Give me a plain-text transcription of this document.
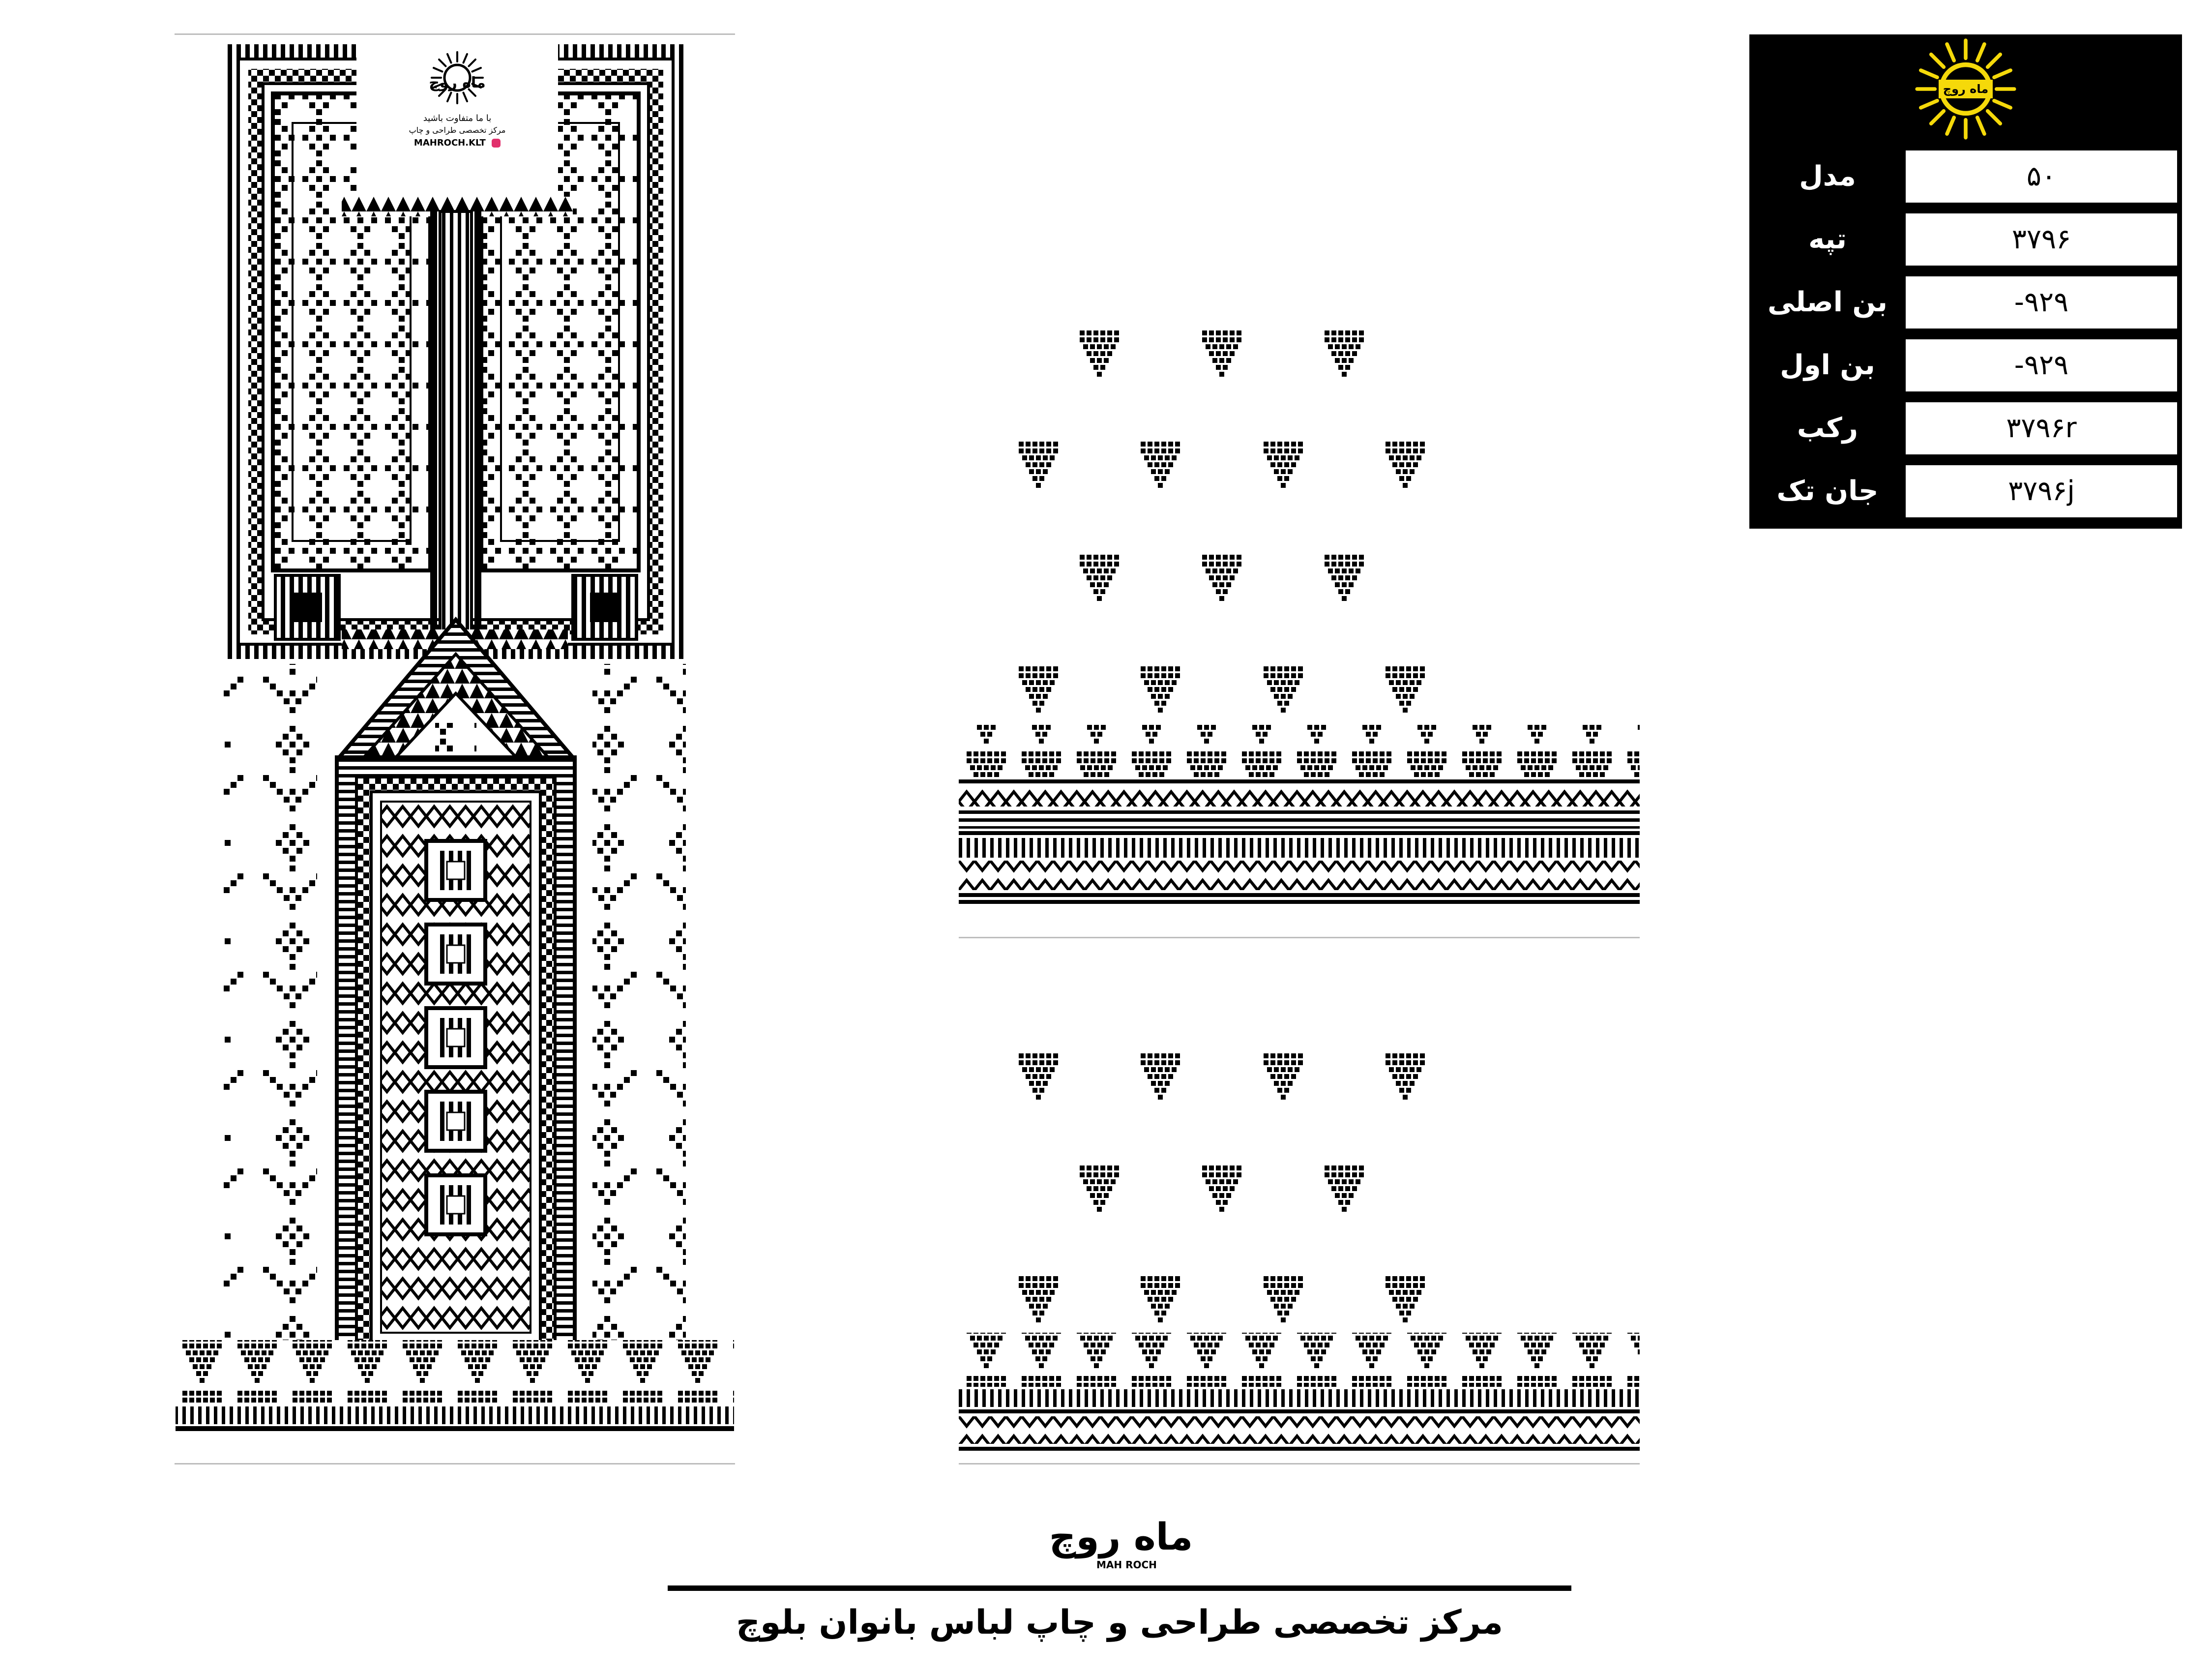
ماه روچ
با ما متفاوت باشید
مرکز تخصصی طراحی و چاپ
MAHROCH.KLT
ماه روچ
۵۰
مدل
۳۷۹۶
تپه
-۹۲۹
بن اصلی
-۹۲۹
بن اول
۳۷۹۶r
رکب
۳۷۹۶j
جان تک
ماه روچ
MAH ROCH
مرکز تخصصی طراحی و چاپ لباس بانوان بلوچ
